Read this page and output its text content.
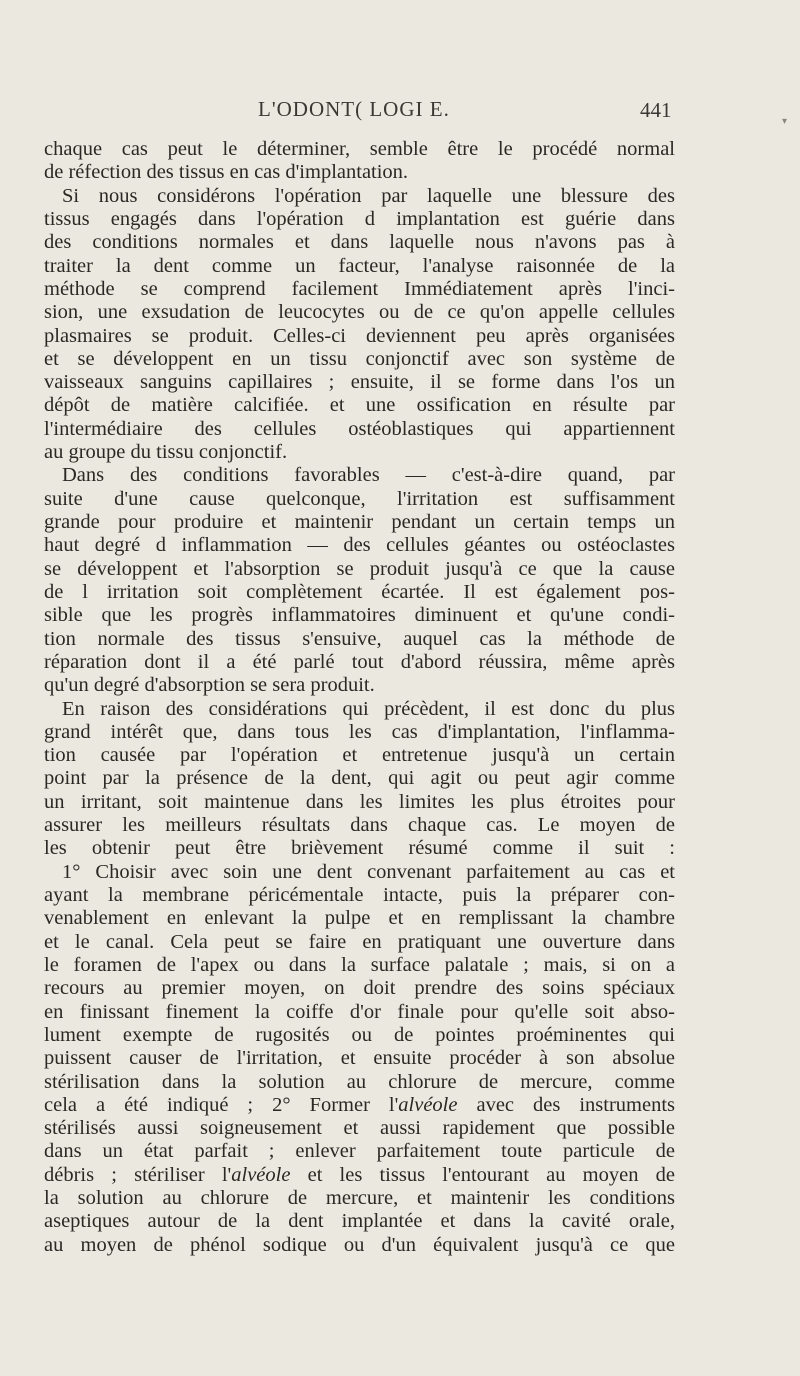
L'ODONT( LOGI E.	441	▾
chaque cas peut le déterminer, semble être le procédé normal
de réfection des tissus en cas d'implantation.
Si nous considérons l'opération par laquelle une blessure des
tissus engagés dans l'opération d implantation est guérie dans
des conditions normales et dans laquelle nous n'avons pas à
traiter la dent comme un facteur, l'analyse raisonnée de la
méthode se comprend facilement Immédiatement après l'inci-
sion, une exsudation de leucocytes ou de ce qu'on appelle cellules
plasmaires se produit. Celles-ci deviennent peu après organisées
et se développent en un tissu conjonctif avec son système de
vaisseaux sanguins capillaires ; ensuite, il se forme dans l'os un
dépôt de matière calcifiée. et une ossification en résulte par
l'intermédiaire des cellules ostéoblastiques qui appartiennent
au groupe du tissu conjonctif.
Dans des conditions favorables — c'est-à-dire quand, par
suite d'une cause quelconque, l'irritation est suffisamment
grande pour produire et maintenir pendant un certain temps un
haut degré d inflammation — des cellules géantes ou ostéoclastes
se développent et l'absorption se produit jusqu'à ce que la cause
de l irritation soit complètement écartée. Il est également pos-
sible que les progrès inflammatoires diminuent et qu'une condi-
tion normale des tissus s'ensuive, auquel cas la méthode de
réparation dont il a été parlé tout d'abord réussira, même après
qu'un degré d'absorption se sera produit.
En raison des considérations qui précèdent, il est donc du plus
grand intérêt que, dans tous les cas d'implantation, l'inflamma-
tion causée par l'opération et entretenue jusqu'à un certain
point par la présence de la dent, qui agit ou peut agir comme
un irritant, soit maintenue dans les limites les plus étroites pour
assurer les meilleurs résultats dans chaque cas. Le moyen de
les obtenir peut être brièvement résumé comme il suit :
1° Choisir avec soin une dent convenant parfaitement au cas et
ayant la membrane péricémentale intacte, puis la préparer con-
venablement en enlevant la pulpe et en remplissant la chambre
et le canal. Cela peut se faire en pratiquant une ouverture dans
le foramen de l'apex ou dans la surface palatale ; mais, si on a
recours au premier moyen, on doit prendre des soins spéciaux
en finissant finement la coiffe d'or finale pour qu'elle soit abso-
lument exempte de rugosités ou de pointes proéminentes qui
puissent causer de l'irritation, et ensuite procéder à son absolue
stérilisation dans la solution au chlorure de mercure, comme
cela a été indiqué ; 2° Former l'alvéole avec des instruments
stérilisés aussi soigneusement et aussi rapidement que possible
dans un état parfait ; enlever parfaitement toute particule de
débris ; stériliser l'alvéole et les tissus l'entourant au moyen de
la solution au chlorure de mercure, et maintenir les conditions
aseptiques autour de la dent implantée et dans la cavité orale,
au moyen de phénol sodique ou d'un équivalent jusqu'à ce que
